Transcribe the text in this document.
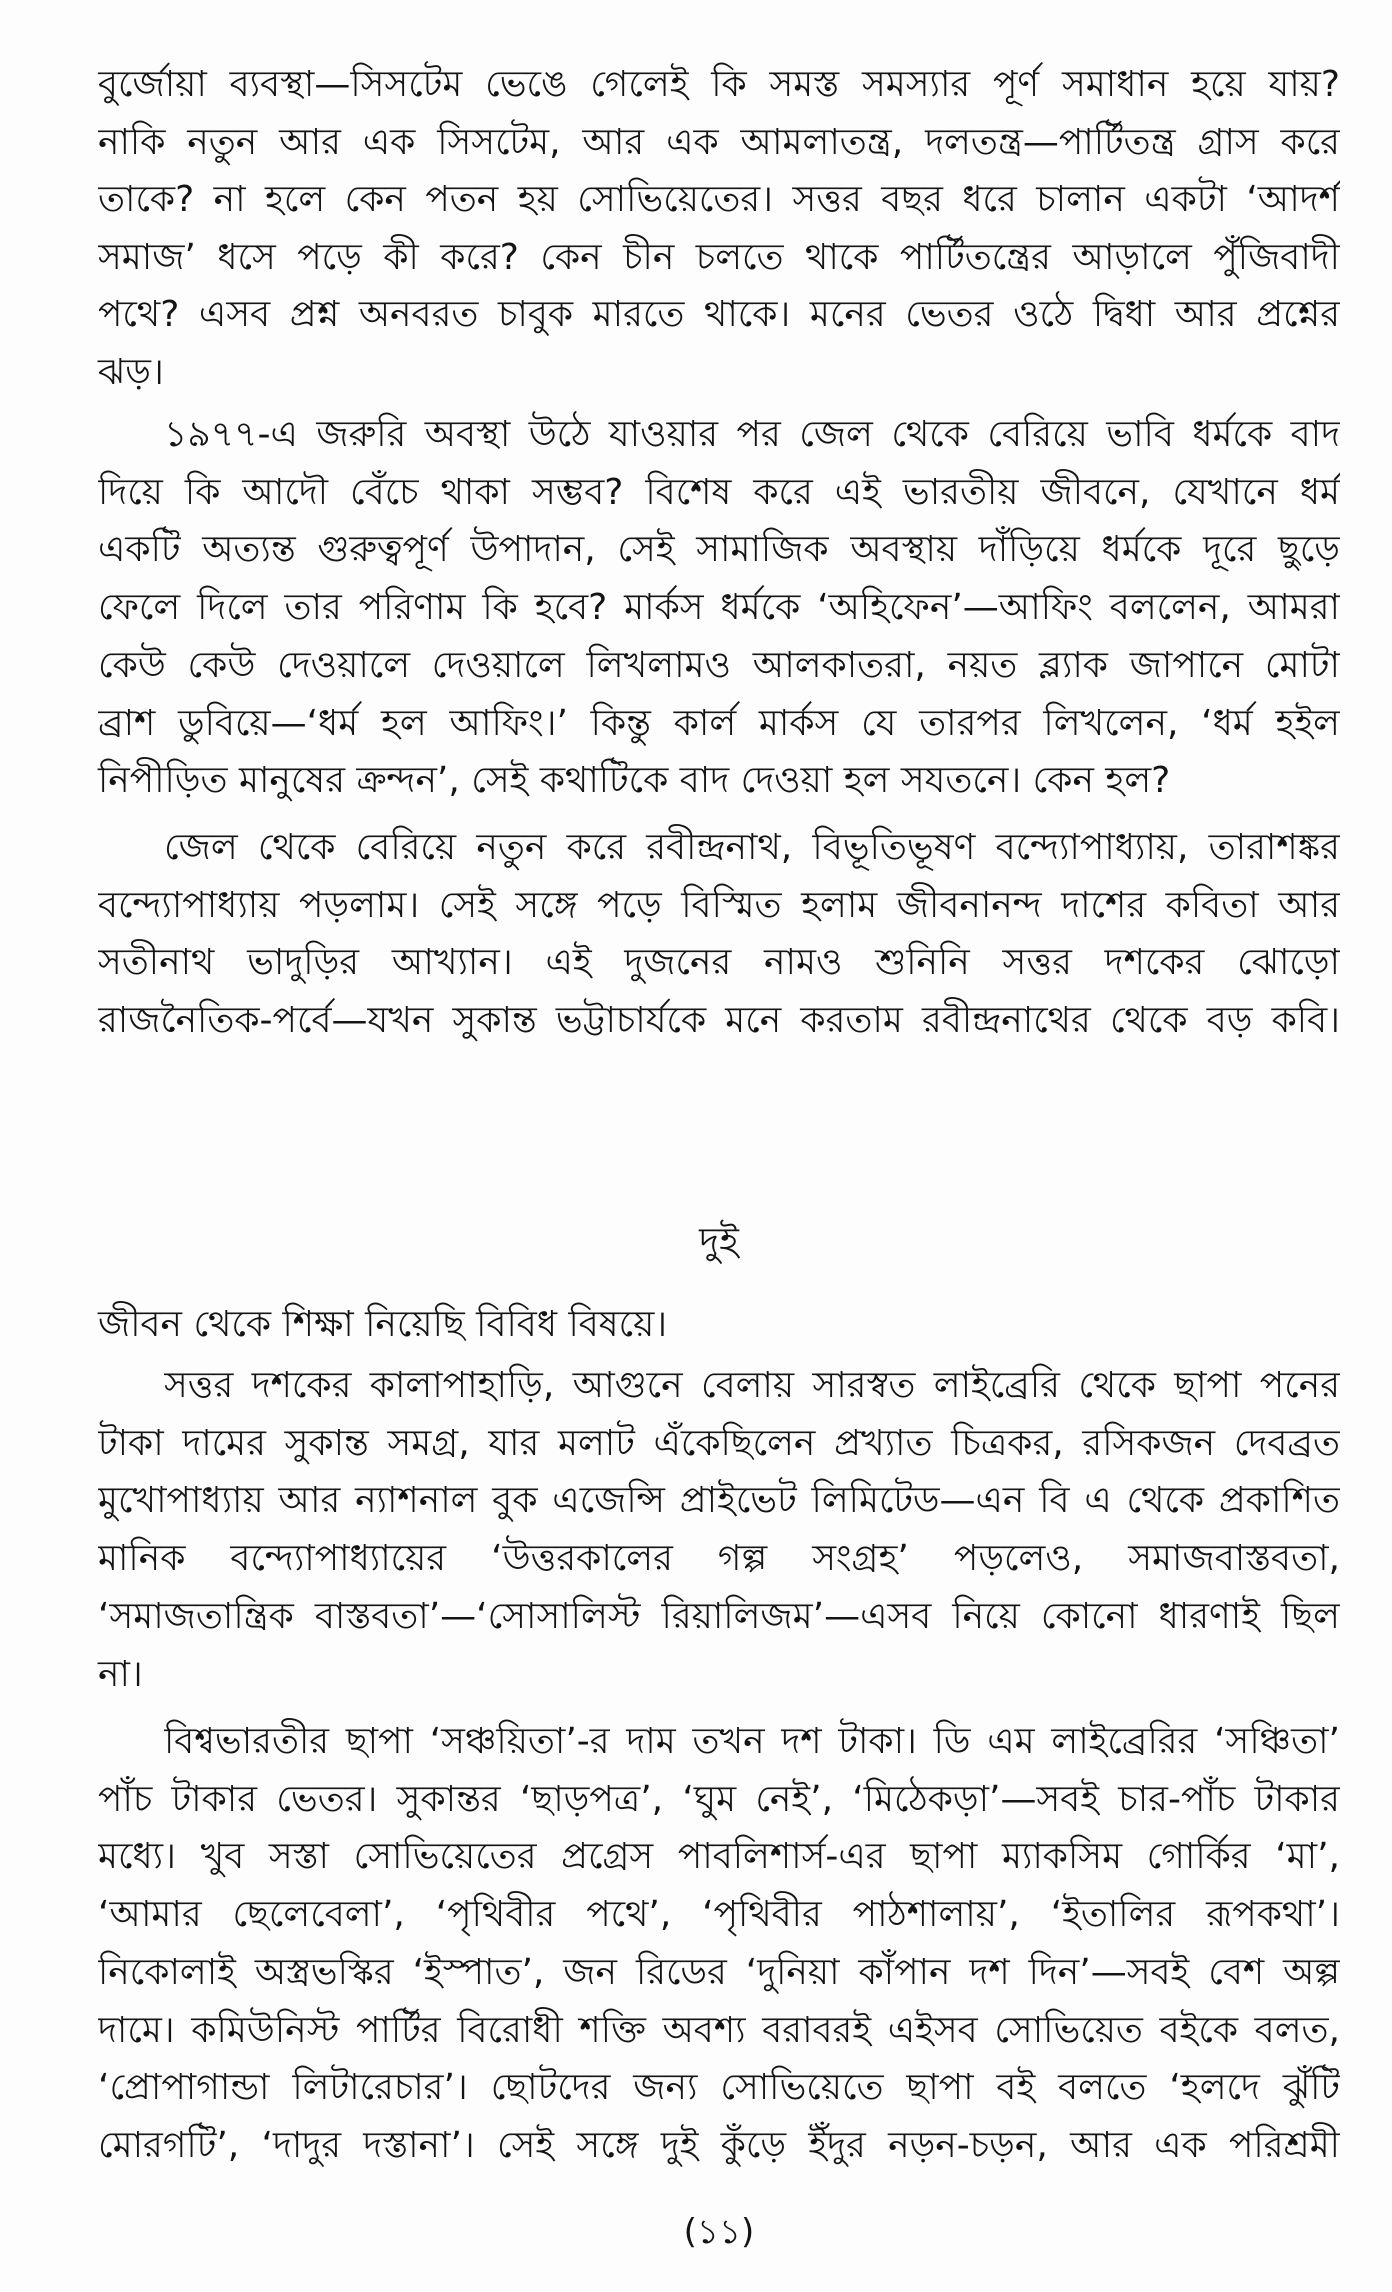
দুই
(১১)
বুর্জোয়া ব্যবস্থা—সিসটেম ভেঙে গেলেই কি সমস্ত সমস্যার পূর্ণ সমাধান হয়ে যায়?
নাকি নতুন আর এক সিসটেম, আর এক আমলাতন্ত্র, দলতন্ত্র—পার্টিতন্ত্র গ্রাস করে
তাকে? না হলে কেন পতন হয় সোভিয়েতের। সত্তর বছর ধরে চালান একটা ‘আদর্শ
সমাজ’ ধসে পড়ে কী করে? কেন চীন চলতে থাকে পার্টিতন্ত্রের আড়ালে পুঁজিবাদী
পথে? এসব প্রশ্ন অনবরত চাবুক মারতে থাকে। মনের ভেতর ওঠে দ্বিধা আর প্রশ্নের
ঝড়।
১৯৭৭-এ জরুরি অবস্থা উঠে যাওয়ার পর জেল থেকে বেরিয়ে ভাবি ধর্মকে বাদ
দিয়ে কি আদৌ বেঁচে থাকা সম্ভব? বিশেষ করে এই ভারতীয় জীবনে, যেখানে ধর্ম
একটি অত্যন্ত গুরুত্বপূর্ণ উপাদান, সেই সামাজিক অবস্থায় দাঁড়িয়ে ধর্মকে দূরে ছুড়ে
ফেলে দিলে তার পরিণাম কি হবে? মার্কস ধর্মকে ‘অহিফেন’—আফিং বললেন, আমরা
কেউ কেউ দেওয়ালে দেওয়ালে লিখলামও আলকাতরা, নয়ত ব্ল্যাক জাপানে মোটা
ব্রাশ ডুবিয়ে—‘ধর্ম হল আফিং।’ কিন্তু কার্ল মার্কস যে তারপর লিখলেন, ‘ধর্ম হইল
নিপীড়িত মানুষের ক্রন্দন’, সেই কথাটিকে বাদ দেওয়া হল সযতনে। কেন হল?
জেল থেকে বেরিয়ে নতুন করে রবীন্দ্রনাথ, বিভূতিভূষণ বন্দ্যোপাধ্যায়, তারাশঙ্কর
বন্দ্যোপাধ্যায় পড়লাম। সেই সঙ্গে পড়ে বিস্মিত হলাম জীবনানন্দ দাশের কবিতা আর
সতীনাথ ভাদুড়ির আখ্যান। এই দুজনের নামও শুনিনি সত্তর দশকের ঝোড়ো
রাজনৈতিক-পর্বে—যখন সুকান্ত ভট্টাচার্যকে মনে করতাম রবীন্দ্রনাথের থেকে বড় কবি।
জীবন থেকে শিক্ষা নিয়েছি বিবিধ বিষয়ে।
সত্তর দশকের কালাপাহাড়ি, আগুনে বেলায় সারস্বত লাইব্রেরি থেকে ছাপা পনের
টাকা দামের সুকান্ত সমগ্র, যার মলাট এঁকেছিলেন প্রখ্যাত চিত্রকর, রসিকজন দেবব্রত
মুখোপাধ্যায় আর ন্যাশনাল বুক এজেন্সি প্রাইভেট লিমিটেড—এন বি এ থেকে প্রকাশিত
মানিক বন্দ্যোপাধ্যায়ের ‘উত্তরকালের গল্প সংগ্রহ’ পড়লেও, সমাজবাস্তবতা,
‘সমাজতান্ত্রিক বাস্তবতা’—‘সোসালিস্ট রিয়ালিজম’—এসব নিয়ে কোনো ধারণাই ছিল
না।
বিশ্বভারতীর ছাপা ‘সঞ্চয়িতা’-র দাম তখন দশ টাকা। ডি এম লাইব্রেরির ‘সঞ্চিতা’
পাঁচ টাকার ভেতর। সুকান্তর ‘ছাড়পত্র’, ‘ঘুম নেই’, ‘মিঠেকড়া’—সবই চার-পাঁচ টাকার
মধ্যে। খুব সস্তা সোভিয়েতের প্রগ্রেস পাবলিশার্স-এর ছাপা ম্যাকসিম গোর্কির ‘মা’,
‘আমার ছেলেবেলা’, ‘পৃথিবীর পথে’, ‘পৃথিবীর পাঠশালায়’, ‘ইতালির রূপকথা’।
নিকোলাই অস্ত্রভস্কির ‘ইস্পাত’, জন রিডের ‘দুনিয়া কাঁপান দশ দিন’—সবই বেশ অল্প
দামে। কমিউনিস্ট পার্টির বিরোধী শক্তি অবশ্য বরাবরই এইসব সোভিয়েত বইকে বলত,
‘প্রোপাগান্ডা লিটারেচার’। ছোটদের জন্য সোভিয়েতে ছাপা বই বলতে ‘হলদে ঝুঁটি
মোরগটি’, ‘দাদুর দস্তানা’। সেই সঙ্গে দুই কুঁড়ে ইঁদুর নড়ন-চড়ন, আর এক পরিশ্রমী
